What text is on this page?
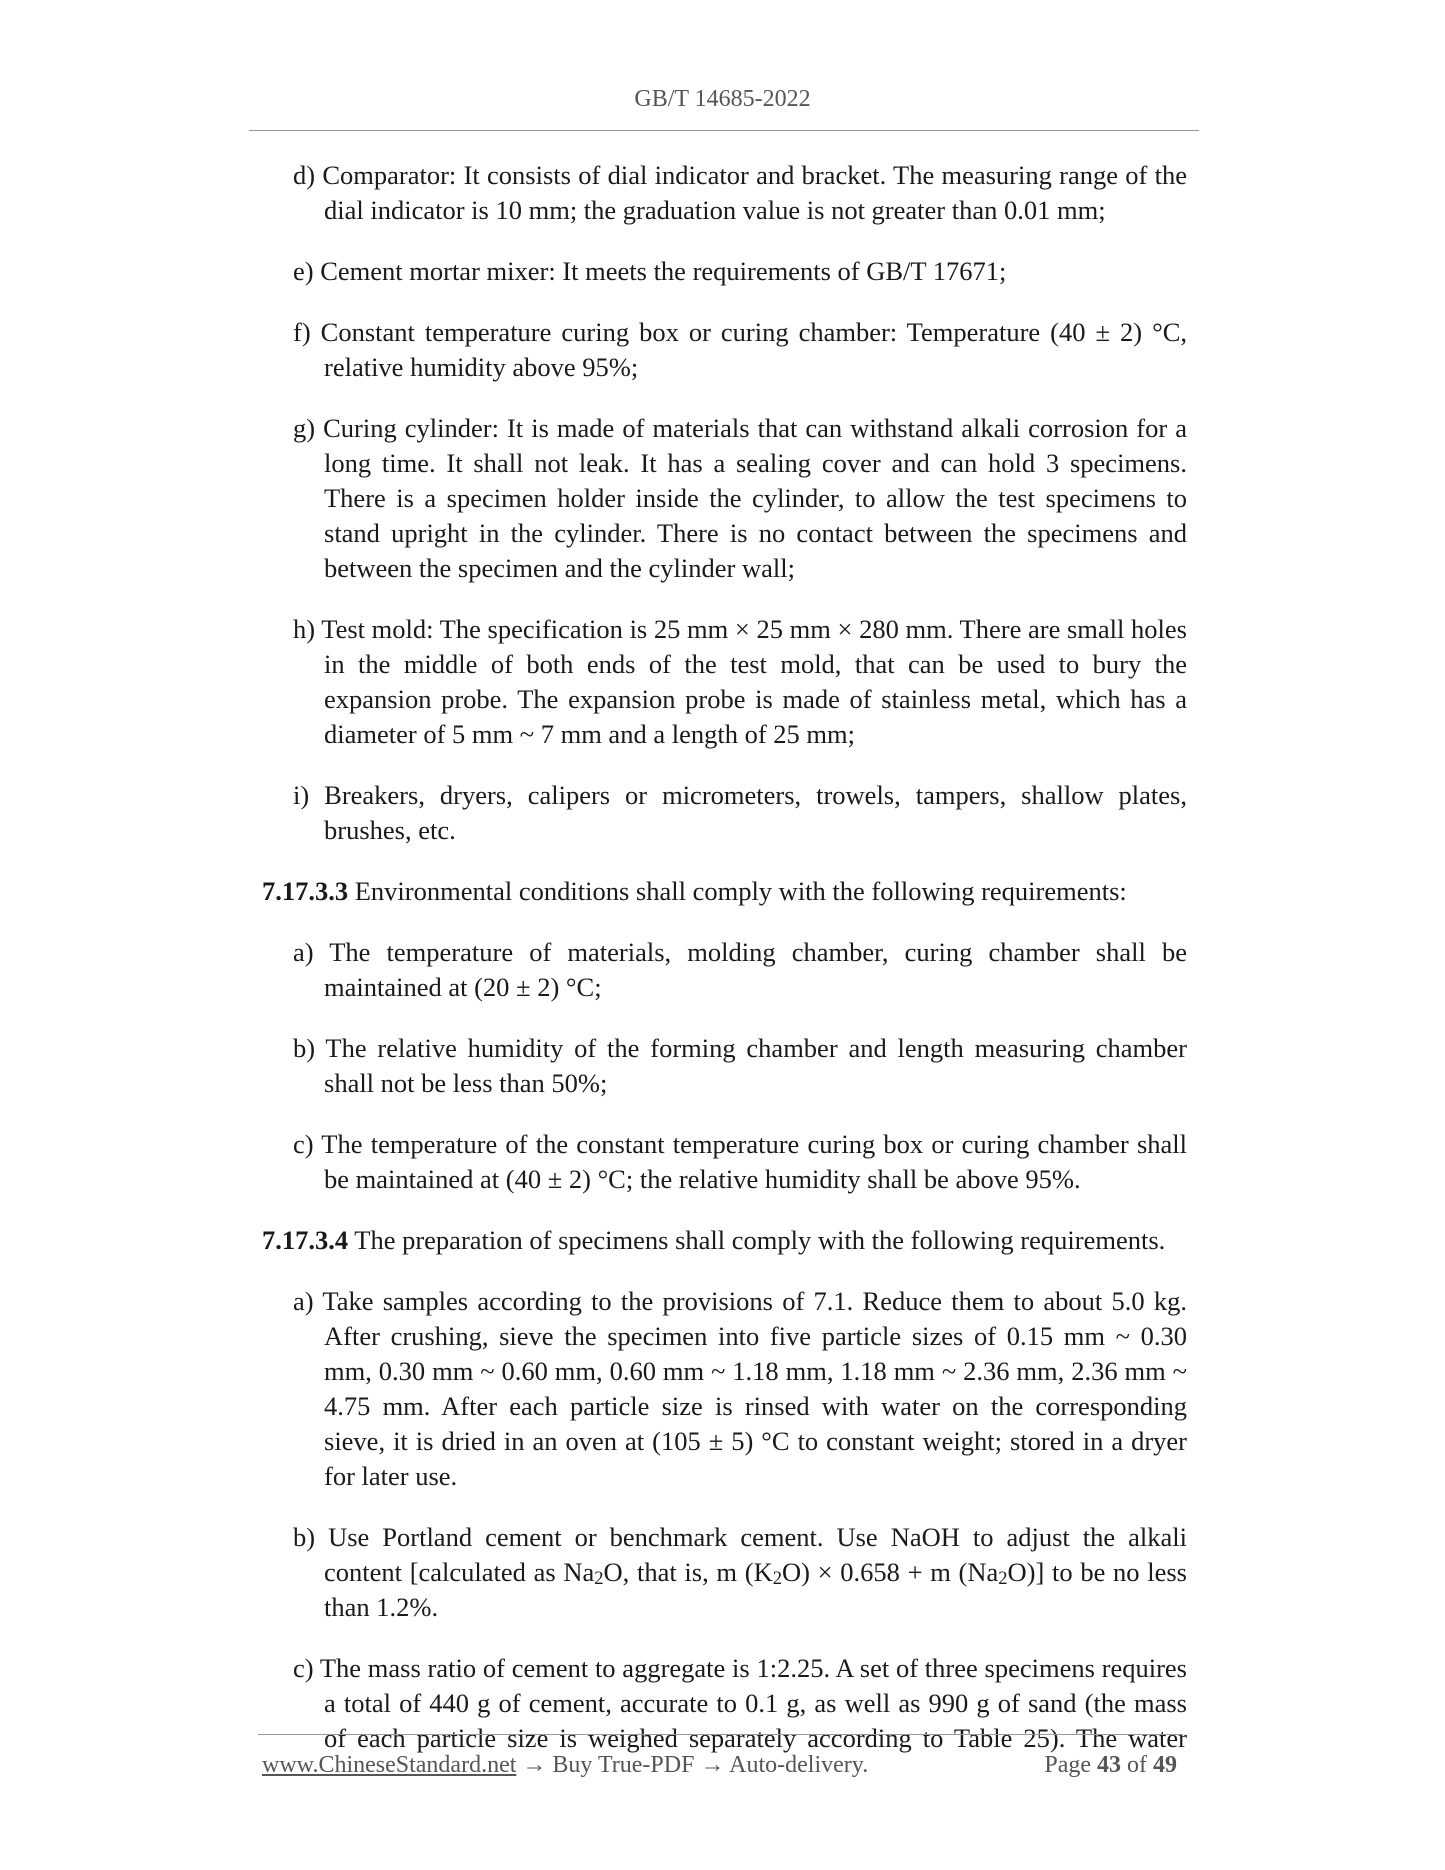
GB/T 14685-2022
d) Comparator: It consists of dial indicator and bracket. The measuring range of the dial indicator is 10 mm; the graduation value is not greater than 0.01 mm;
e) Cement mortar mixer: It meets the requirements of GB/T 17671;
f) Constant temperature curing box or curing chamber: Temperature (40 ± 2) °C, relative humidity above 95%;
g) Curing cylinder: It is made of materials that can withstand alkali corrosion for a long time. It shall not leak. It has a sealing cover and can hold 3 specimens. There is a specimen holder inside the cylinder, to allow the test specimens to stand upright in the cylinder. There is no contact between the specimens and between the specimen and the cylinder wall;
h) Test mold: The specification is 25 mm × 25 mm × 280 mm. There are small holes in the middle of both ends of the test mold, that can be used to bury the expansion probe. The expansion probe is made of stainless metal, which has a diameter of 5 mm ~ 7 mm and a length of 25 mm;
i) Breakers, dryers, calipers or micrometers, trowels, tampers, shallow plates, brushes, etc.
7.17.3.3 Environmental conditions shall comply with the following requirements:
a) The temperature of materials, molding chamber, curing chamber shall be maintained at (20 ± 2) °C;
b) The relative humidity of the forming chamber and length measuring chamber shall not be less than 50%;
c) The temperature of the constant temperature curing box or curing chamber shall be maintained at (40 ± 2) °C; the relative humidity shall be above 95%.
7.17.3.4 The preparation of specimens shall comply with the following requirements.
a) Take samples according to the provisions of 7.1. Reduce them to about 5.0 kg. After crushing, sieve the specimen into five particle sizes of 0.15 mm ~ 0.30 mm, 0.30 mm ~ 0.60 mm, 0.60 mm ~ 1.18 mm, 1.18 mm ~ 2.36 mm, 2.36 mm ~ 4.75 mm. After each particle size is rinsed with water on the corresponding sieve, it is dried in an oven at (105 ± 5) °C to constant weight; stored in a dryer for later use.
b) Use Portland cement or benchmark cement. Use NaOH to adjust the alkali content [calculated as $Na_2O$, that is, m $(K_2O) \times 0.658 + m$ $(Na_2O)$] to be no less than 1.2%.
c) The mass ratio of cement to aggregate is 1:2.25. A set of three specimens requires a total of 440 g of cement, accurate to 0.1 g, as well as 990 g of sand (the mass of each particle size is weighed separately according to Table 25). The water
www.ChineseStandard.net → Buy True-PDF → Auto-delivery.	Page 43 of 49
